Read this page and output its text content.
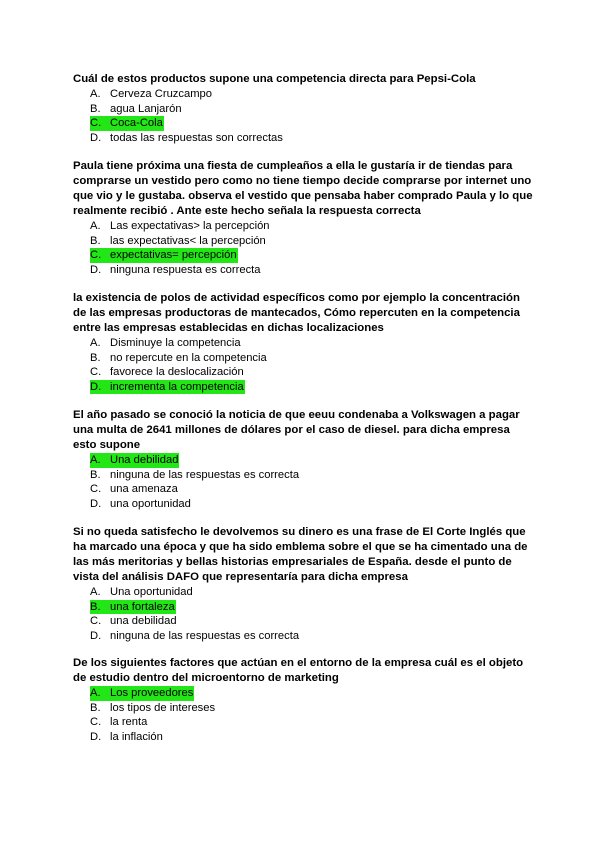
Cuál de estos productos supone una competencia directa para Pepsi-Cola

A. Cerveza Cruzcampo
B. agua Lanjarón
C. Coca-Cola
D. todas las respuestas son correctas

Paula tiene próxima una fiesta de cumpleaños a ella le gustaría ir de tiendas para comprarse un vestido pero como no tiene tiempo decide comprarse por internet uno que vio y le gustaba. observa el vestido que pensaba haber comprado Paula y lo que realmente recibió . Ante este hecho señala la respuesta correcta

A. Las expectativas> la percepción
B. las expectativas< la percepción
C. expectativas= percepción
D. ninguna respuesta es correcta

la existencia de polos de actividad específicos como por ejemplo la concentración de las empresas productoras de mantecados, Cómo repercuten en la competencia entre las empresas establecidas en dichas localizaciones

A. Disminuye la competencia
B. no repercute en la competencia
C. favorece la deslocalización
D. incrementa la competencia

El año pasado se conoció la noticia de que eeuu condenaba a Volkswagen a pagar una multa de 2641 millones de dólares por el caso de diesel. para dicha empresa esto supone

A. Una debilidad
B. ninguna de las respuestas es correcta
C. una amenaza
D. una oportunidad

Si no queda satisfecho le devolvemos su dinero es una frase de El Corte Inglés que ha marcado una época y que ha sido emblema sobre el que se ha cimentado una de las más meritorias y bellas historias empresariales de España. desde el punto de vista del análisis DAFO que representaría para dicha empresa

A. Una oportunidad
B. una fortaleza
C. una debilidad
D. ninguna de las respuestas es correcta

De los siguientes factores que actúan en el entorno de la empresa cuál es el objeto de estudio dentro del microentorno de marketing

A. Los proveedores
B. los tipos de intereses
C. la renta
D. la inflación
